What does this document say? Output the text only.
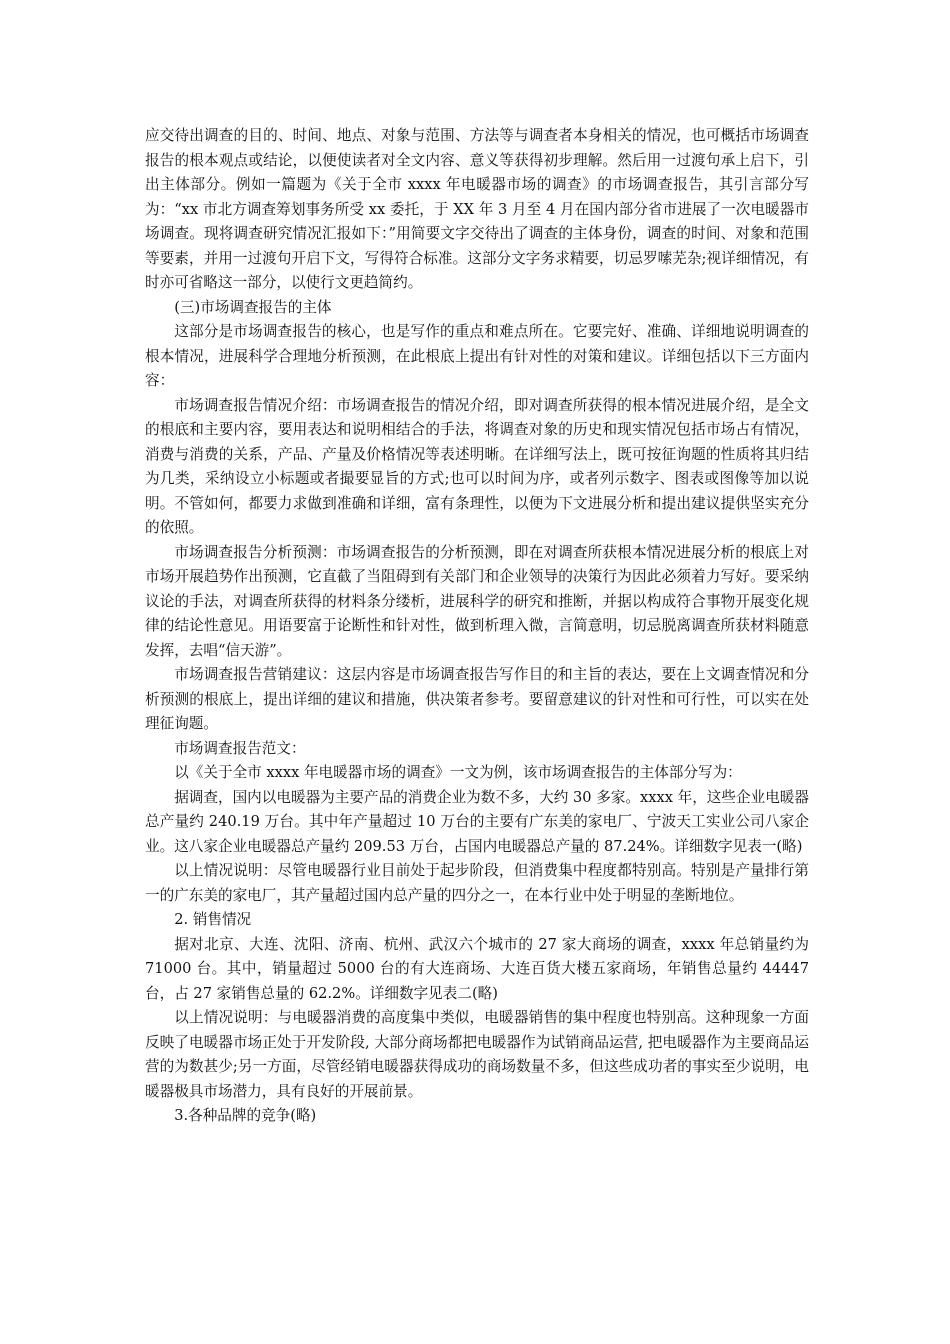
应交待出调查的目的、时间、地点、对象与范围、方法等与调查者本身相关的情况，也可概括市场调查报告的根本观点或结论，以便使读者对全文内容、意义等获得初步理解。然后用一过渡句承上启下，引出主体部分。例如一篇题为《关于全市 xxxx 年电暖器市场的调查》的市场调查报告，其引言部分写为：“xx 市北方调查筹划事务所受 xx 委托，于 XX 年 3 月至 4 月在国内部分省市进展了一次电暖器市场调查。现将调查研究情况汇报如下：”用简要文字交待出了调查的主体身份，调查的时间、对象和范围等要素，并用一过渡句开启下文，写得符合标准。这部分文字务求精要，切忌罗嗦芜杂;视详细情况，有时亦可省略这一部分，以使行文更趋简约。

(三)市场调查报告的主体

这部分是市场调查报告的核心，也是写作的重点和难点所在。它要完好、准确、详细地说明调查的根本情况，进展科学合理地分析预测，在此根底上提出有针对性的对策和建议。详细包括以下三方面内容：

市场调查报告情况介绍：市场调查报告的情况介绍，即对调查所获得的根本情况进展介绍，是全文的根底和主要内容，要用表达和说明相结合的手法，将调查对象的历史和现实情况包括市场占有情况，消费与消费的关系，产品、产量及价格情况等表述明晰。在详细写法上，既可按征询题的性质将其归结为几类，采纳设立小标题或者撮要显旨的方式;也可以时间为序，或者列示数字、图表或图像等加以说明。不管如何，都要力求做到准确和详细，富有条理性，以便为下文进展分析和提出建议提供坚实充分的依照。

市场调查报告分析预测：市场调查报告的分析预测，即在对调查所获根本情况进展分析的根底上对市场开展趋势作出预测，它直截了当阻碍到有关部门和企业领导的决策行为因此必须着力写好。要采纳议论的手法，对调查所获得的材料条分缕析，进展科学的研究和推断，并据以构成符合事物开展变化规律的结论性意见。用语要富于论断性和针对性，做到析理入微，言简意明，切忌脱离调查所获材料随意发挥，去唱“信天游”。

市场调查报告营销建议：这层内容是市场调查报告写作目的和主旨的表达，要在上文调查情况和分析预测的根底上，提出详细的建议和措施，供决策者参考。要留意建议的针对性和可行性，可以实在处理征询题。

市场调查报告范文：

以《关于全市 xxxx 年电暖器市场的调查》一文为例，该市场调查报告的主体部分写为：

据调查，国内以电暖器为主要产品的消费企业为数不多，大约 30 多家。xxxx 年，这些企业电暖器总产量约 240.19 万台。其中年产量超过 10 万台的主要有广东美的家电厂、宁波天工实业公司八家企业。这八家企业电暖器总产量约 209.53 万台，占国内电暖器总产量的 87.24%。详细数字见表一(略)

以上情况说明：尽管电暖器行业目前处于起步阶段，但消费集中程度都特别高。特别是产量排行第一的广东美的家电厂，其产量超过国内总产量的四分之一，在本行业中处于明显的垄断地位。

2. 销售情况

据对北京、大连、沈阳、济南、杭州、武汉六个城市的 27 家大商场的调查，xxxx 年总销量约为 71000 台。其中，销量超过 5000 台的有大连商场、大连百货大楼五家商场，年销售总量约 44447 台，占 27 家销售总量的 62.2%。详细数字见表二(略)

以上情况说明：与电暖器消费的高度集中类似，电暖器销售的集中程度也特别高。这种现象一方面反映了电暖器市场正处于开发阶段, 大部分商场都把电暖器作为试销商品运营, 把电暖器作为主要商品运营的为数甚少;另一方面，尽管经销电暖器获得成功的商场数量不多，但这些成功者的事实至少说明，电暖器极具市场潜力，具有良好的开展前景。

3.各种品牌的竞争(略)
